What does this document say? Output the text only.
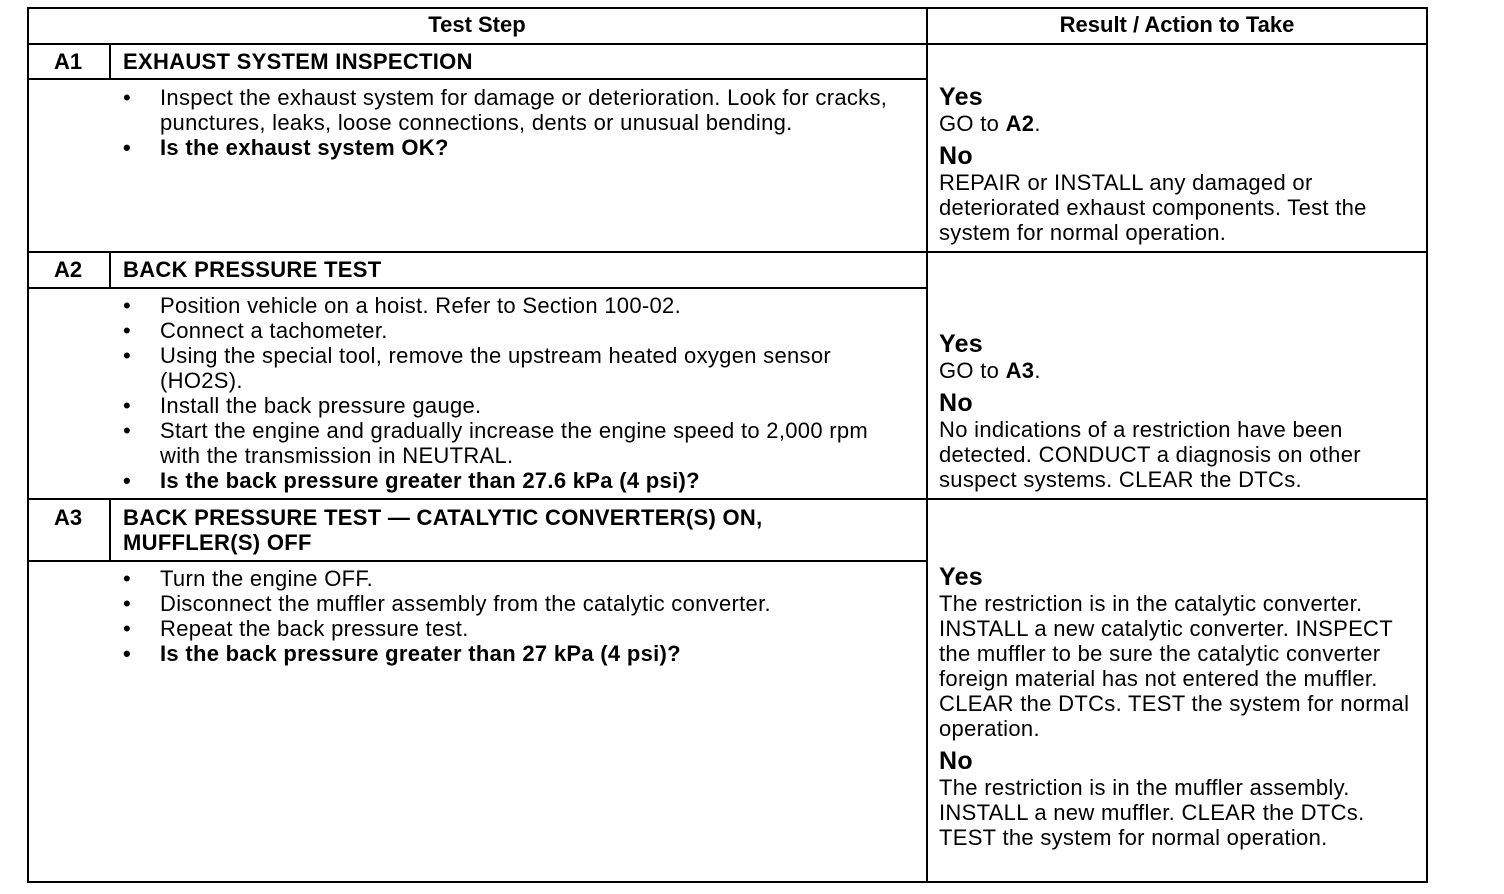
Test Step	Result / Action to Take
A1	EXHAUST SYSTEM INSPECTION
• Inspect the exhaust system for damage or deterioration. Look for cracks, punctures, leaks, loose connections, dents or unusual bending.
• Is the exhaust system OK?
Yes
GO to A2.
No
REPAIR or INSTALL any damaged or deteriorated exhaust components. Test the system for normal operation.
A2	BACK PRESSURE TEST
• Position vehicle on a hoist. Refer to Section 100-02.
• Connect a tachometer.
• Using the special tool, remove the upstream heated oxygen sensor (HO2S).
• Install the back pressure gauge.
• Start the engine and gradually increase the engine speed to 2,000 rpm with the transmission in NEUTRAL.
• Is the back pressure greater than 27.6 kPa (4 psi)?
Yes
GO to A3.
No
No indications of a restriction have been detected. CONDUCT a diagnosis on other suspect systems. CLEAR the DTCs.
A3	BACK PRESSURE TEST — CATALYTIC CONVERTER(S) ON,
MUFFLER(S) OFF
• Turn the engine OFF.
• Disconnect the muffler assembly from the catalytic converter.
• Repeat the back pressure test.
• Is the back pressure greater than 27 kPa (4 psi)?
Yes
The restriction is in the catalytic converter. INSTALL a new catalytic converter. INSPECT the muffler to be sure the catalytic converter foreign material has not entered the muffler. CLEAR the DTCs. TEST the system for normal operation.
No
The restriction is in the muffler assembly. INSTALL a new muffler. CLEAR the DTCs. TEST the system for normal operation.
